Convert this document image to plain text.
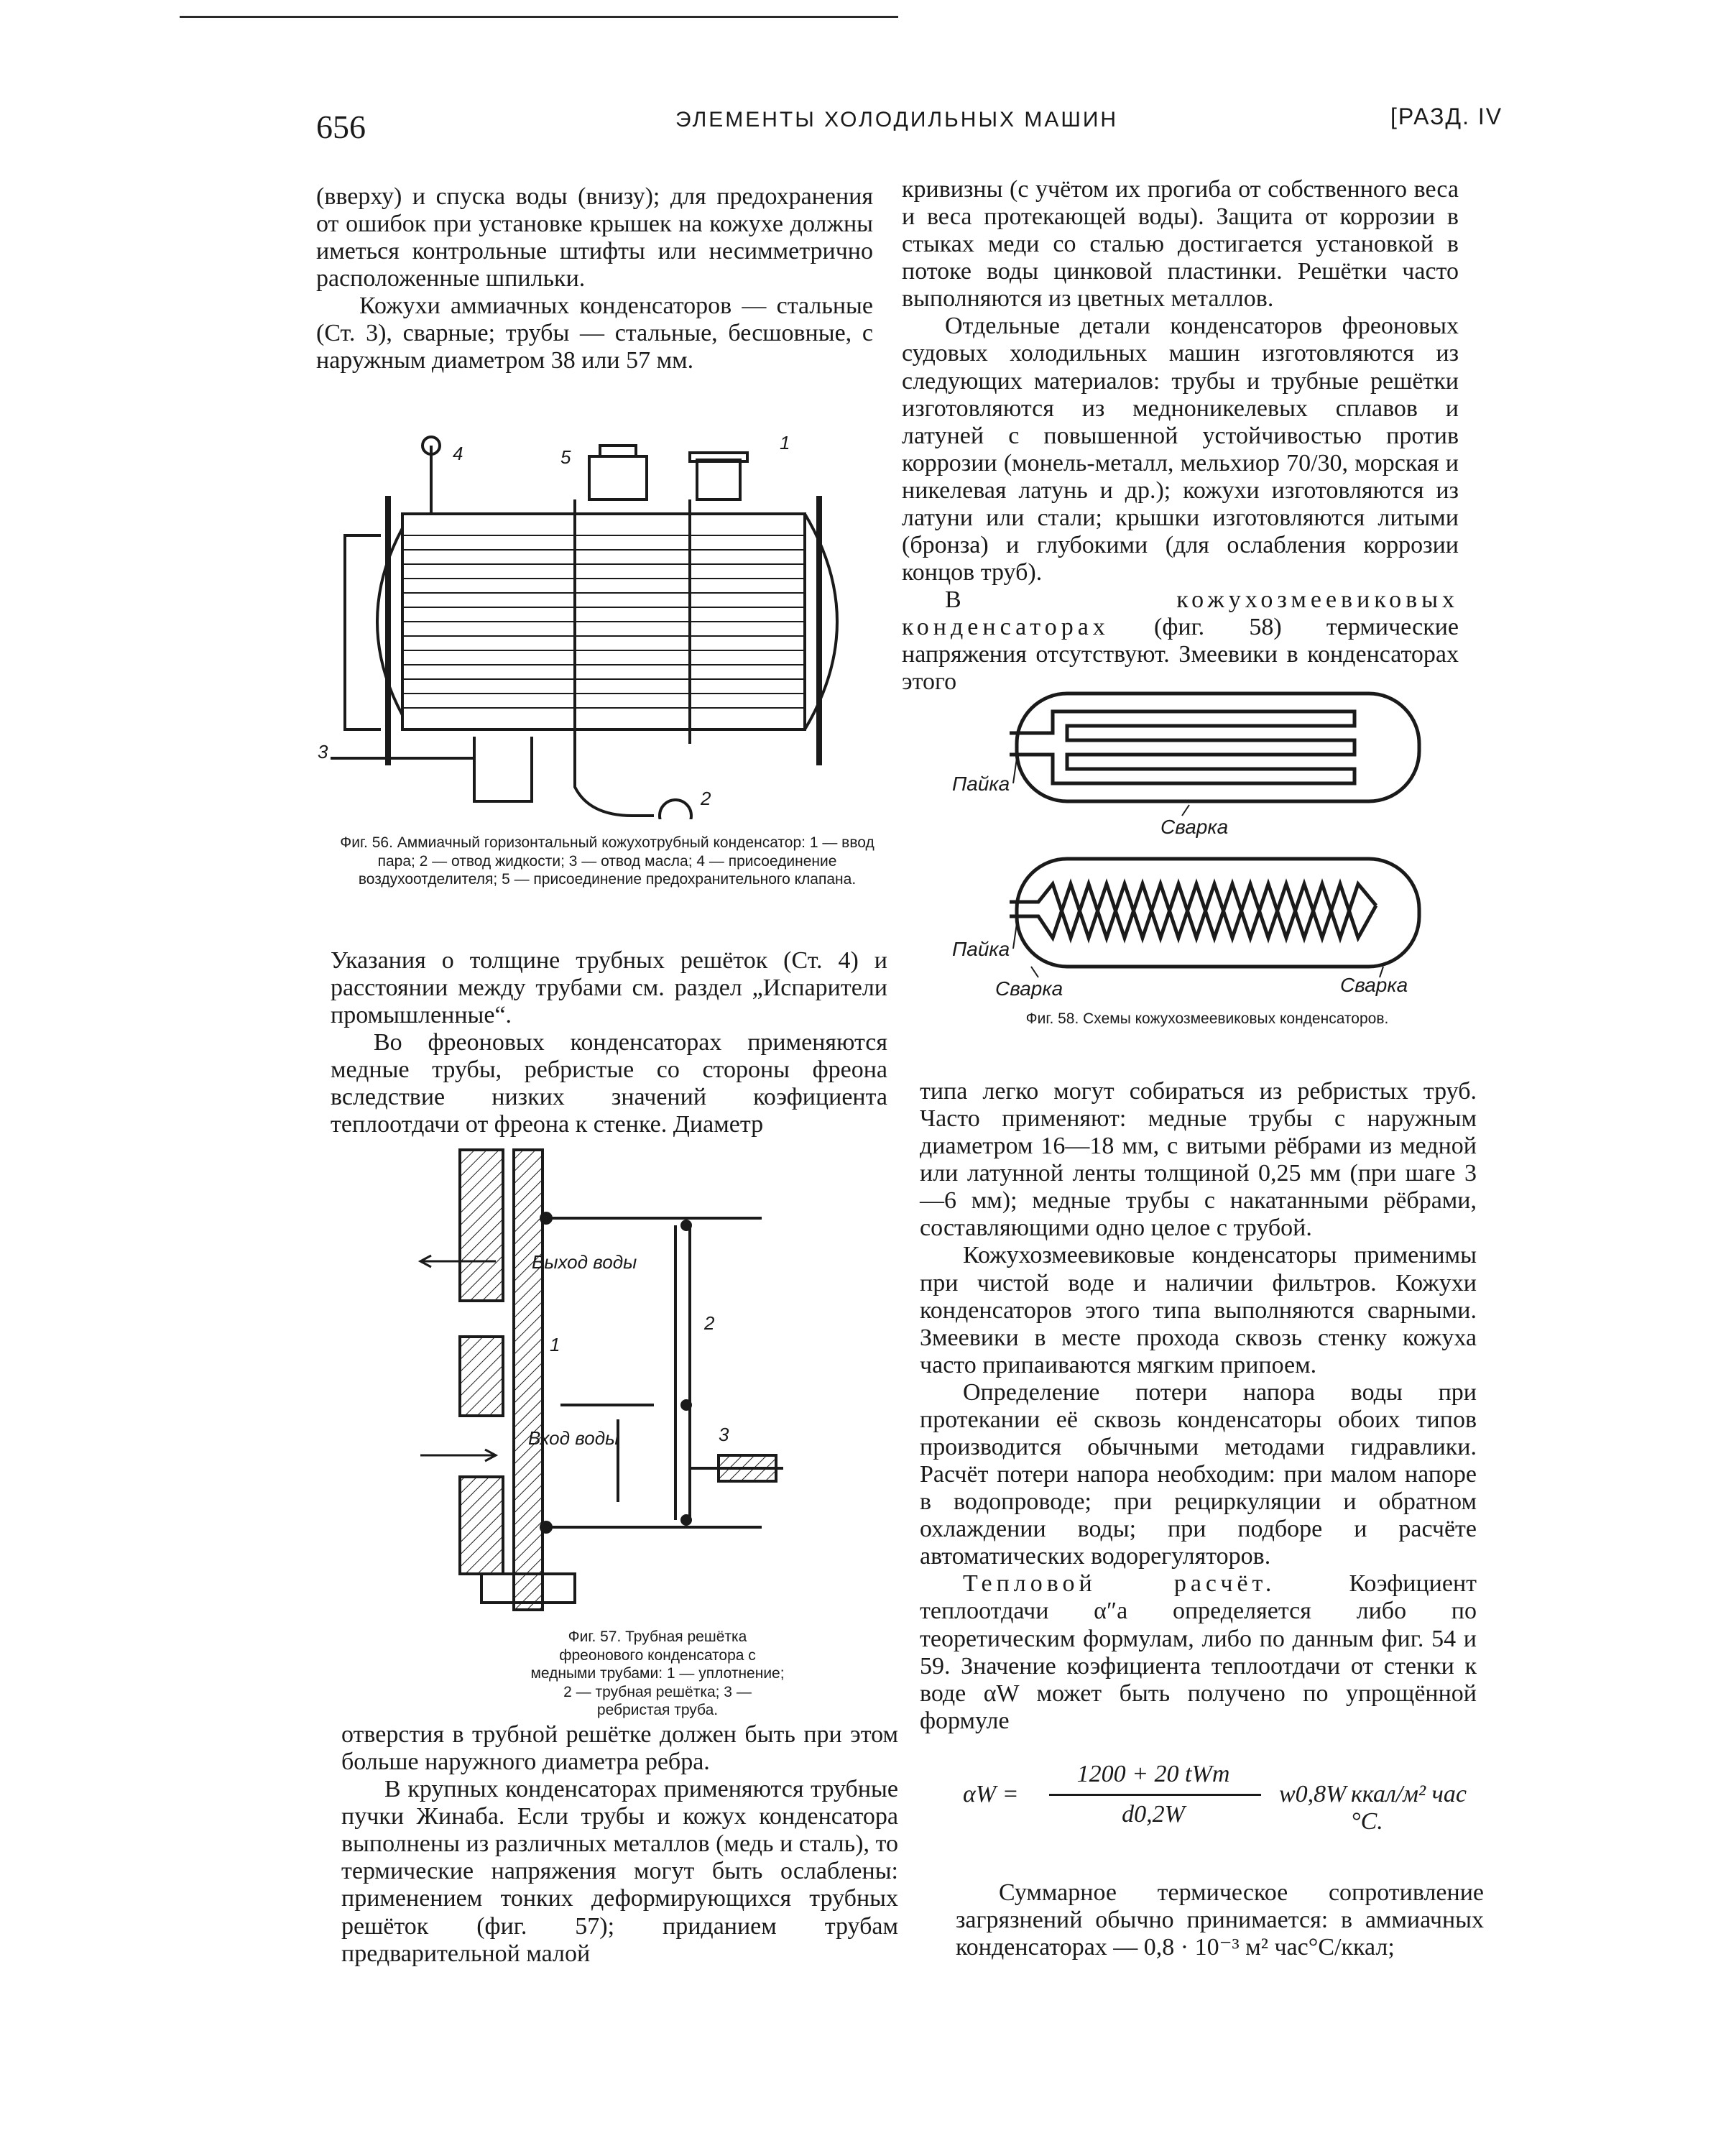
656	ЭЛЕМЕНТЫ ХОЛОДИЛЬНЫХ МАШИН	[РАЗД. IV

(вверху) и спуска воды (внизу); для предохранения от ошибок при установке крышек на кожухе должны иметься контрольные штифты или несимметрично расположенные шпильки.

Кожухи аммиачных конденсаторов — стальные (Ст. 3), сварные; трубы — стальные, бесшовные, с наружным диаметром 38 или 57 мм.

1
2
3
4	5
Фиг. 56. Аммиачный горизонтальный кожухотрубный конденсатор: 1 — ввод пара; 2 — отвод жидкости; 3 — отвод масла; 4 — присоединение воздухоотделителя; 5 — присоединение предохранительного клапана.

Указания о толщине трубных решёток (Ст. 4) и расстоянии между трубами см. раздел „Испарители промышленные“.

Во фреоновых конденсаторах применяются медные трубы, ребристые со стороны фреона вследствие низких значений коэфициента теплоотдачи от фреона к стенке. Диаметр

Выход воды
Вход воды
1
2
3
Фиг. 57. Трубная решётка фреонового конденсатора с медными трубами: 1 — уплотнение; 2 — трубная решётка; 3 — ребристая труба.

отверстия в трубной решётке должен быть при этом больше наружного диаметра ребра.

В крупных конденсаторах применяются трубные пучки Жинаба. Если трубы и кожух конденсатора выполнены из различных металлов (медь и сталь), то термические напряжения могут быть ослаблены: применением тонких деформирующихся трубных решёток (фиг. 57); приданием трубам предварительной малой

кривизны (с учётом их прогиба от собственного веса и веса протекающей воды). Защита от коррозии в стыках меди со сталью достигается установкой в потоке воды цинковой пластинки. Решётки часто выполняются из цветных металлов.

Отдельные детали конденсаторов фреоновых судовых холодильных машин изготовляются из следующих материалов: трубы и трубные решётки изготовляются из медноникелевых сплавов и латуней с повышенной устойчивостью против коррозии (монель-металл, мельхиор 70/30, морская и никелевая латунь и др.); кожухи изготовляются из латуни или стали; крышки изготовляются литыми (бронза) и глубокими (для ослабления коррозии концов труб).

В кожухозмеевиковых конденсаторах (фиг. 58) термические напряжения отсутствуют. Змеевики в конденсаторах этого

Пайка
Сварка
Пайка
Сварка	Сварка
Фиг. 58. Схемы кожухозмеевиковых конденсаторов.

типа легко могут собираться из ребристых труб. Часто применяют: медные трубы с наружным диаметром 16—18 мм, с витыми рёбрами из медной или латунной ленты толщиной 0,25 мм (при шаге 3—6 мм); медные трубы с накатанными рёбрами, составляющими одно целое с трубой.

Кожухозмеевиковые конденсаторы применимы при чистой воде и наличии фильтров. Кожухи конденсаторов этого типа выполняются сварными. Змеевики в месте прохода сквозь стенку кожуха часто припаиваются мягким припоем.

Определение потери напора воды при протекании её сквозь конденсаторы обоих типов производится обычными методами гидравлики. Расчёт потери напора необходим: при малом напоре в водопроводе; при рециркуляции и обратном охлаждении воды; при подборе и расчёте автоматических водорегуляторов.

Тепловой расчёт.	Коэфициент теплоотдачи α″a определяется либо по теоретическим формулам, либо по данным фиг. 54 и 59. Значение коэфициента теплоотдачи от стенки к воде αW может быть получено по упрощённой формуле

αW =
1200 + 20 tWm
d0,2W
w0,8W ккал/м² час °С.

Суммарное термическое сопротивление загрязнений обычно принимается: в аммиачных конденсаторах — 0,8 · 10⁻³ м² час°С/ккал;
